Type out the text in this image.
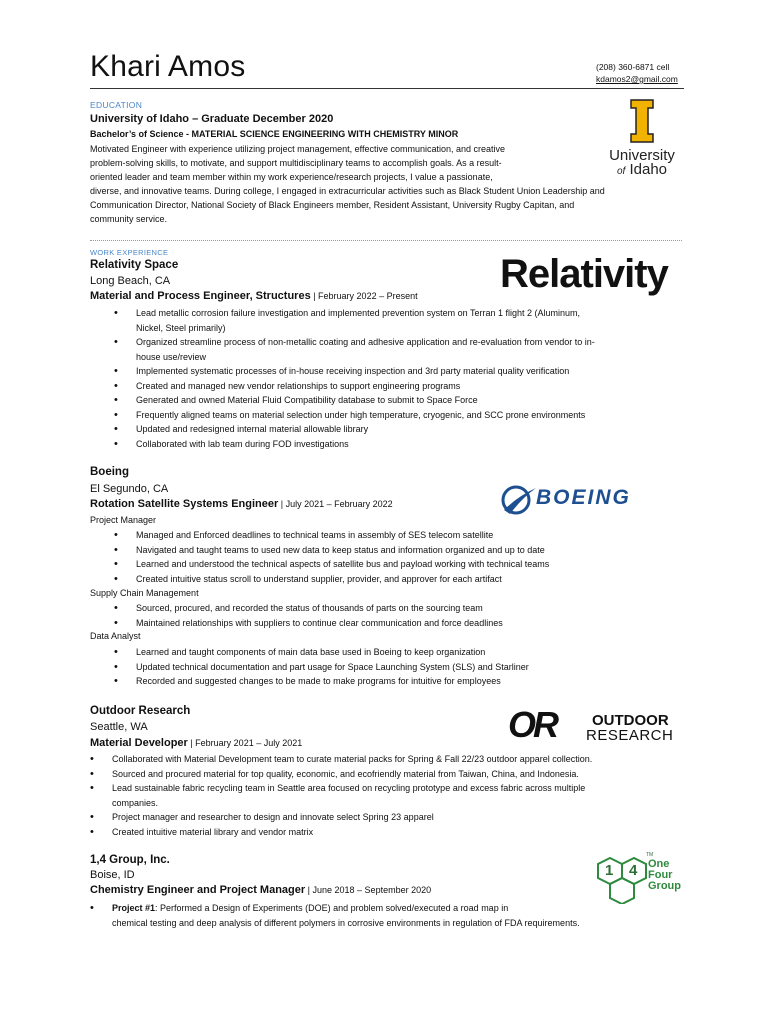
Khari Amos	(208) 360-6871 cell
kdamos2@gmail.com
EDUCATION
University of Idaho – Graduate December 2020
Bachelor’s of Science - MATERIAL SCIENCE ENGINEERING WITH CHEMISTRY MINOR
Motivated Engineer with experience utilizing project management, effective communication, and creative
problem-solving skills, to motivate, and support multidisciplinary teams to accomplish goals. As a result-
oriented leader and team member within my work experience/research projects, I value a passionate,
diverse, and innovative teams. During college, I engaged in extracurricular activities such as Black Student Union Leadership and
Communication Director, National Society of Black Engineers member, Resident Assistant, University Rugby Capitan, and
community service.
University
of Idaho
WORK EXPERIENCE
Relativity Space
Long Beach, CA
Material and Process Engineer, Structures | February 2022 – Present Relativity
• Lead metallic corrosion failure investigation and implemented prevention system on Terran 1 flight 2 (Aluminum,
Nickel, Steel primarily)
• Organized streamline process of non-metallic coating and adhesive application and re-evaluation from vendor to in-
house use/review
• Implemented systematic processes of in-house receiving inspection and 3rd party material quality verification
• Created and managed new vendor relationships to support engineering programs
• Generated and owned Material Fluid Compatibility database to submit to Space Force
• Frequently aligned teams on material selection under high temperature, cryogenic, and SCC prone environments
• Updated and redesigned internal material allowable library
• Collaborated with lab team during FOD investigations
Boeing
El Segundo, CA
Rotation Satellite Systems Engineer | July 2021 – February 2022	BOEING
Project Manager
• Managed and Enforced deadlines to technical teams in assembly of SES telecom satellite
• Navigated and taught teams to used new data to keep status and information organized and up to date
• Learned and understood the technical aspects of satellite bus and payload working with technical teams
• Created intuitive status scroll to understand supplier, provider, and approver for each artifact
Supply Chain Management
• Sourced, procured, and recorded the status of thousands of parts on the sourcing team
• Maintained relationships with suppliers to continue clear communication and force deadlines
Data Analyst
• Learned and taught components of main data base used in Boeing to keep organization
• Updated technical documentation and part usage for Space Launching System (SLS) and Starliner
• Recorded and suggested changes to be made to make programs for intuitive for employees
Outdoor Research
Seattle, WA
Material Developer | February 2021 – July 2021	OR OUTDOOR
RESEARCH
• Collaborated with Material Development team to curate material packs for Spring & Fall 22/23 outdoor apparel collection.
• Sourced and procured material for top quality, economic, and ecofriendly material from Taiwan, China, and Indonesia.
• Lead sustainable fabric recycling team in Seattle area focused on recycling prototype and excess fabric across multiple
companies.
• Project manager and researcher to design and innovate select Spring 23 apparel
• Created intuitive material library and vendor matrix
1,4 Group, Inc.
Boise, ID
Chemistry Engineer and Project Manager | June 2018 – September 2020
1 4
TM
One
Four
Group
• Project #1: Performed a Design of Experiments (DOE) and problem solved/executed a road map in
chemical testing and deep analysis of different polymers in corrosive environments in regulation of FDA requirements.
